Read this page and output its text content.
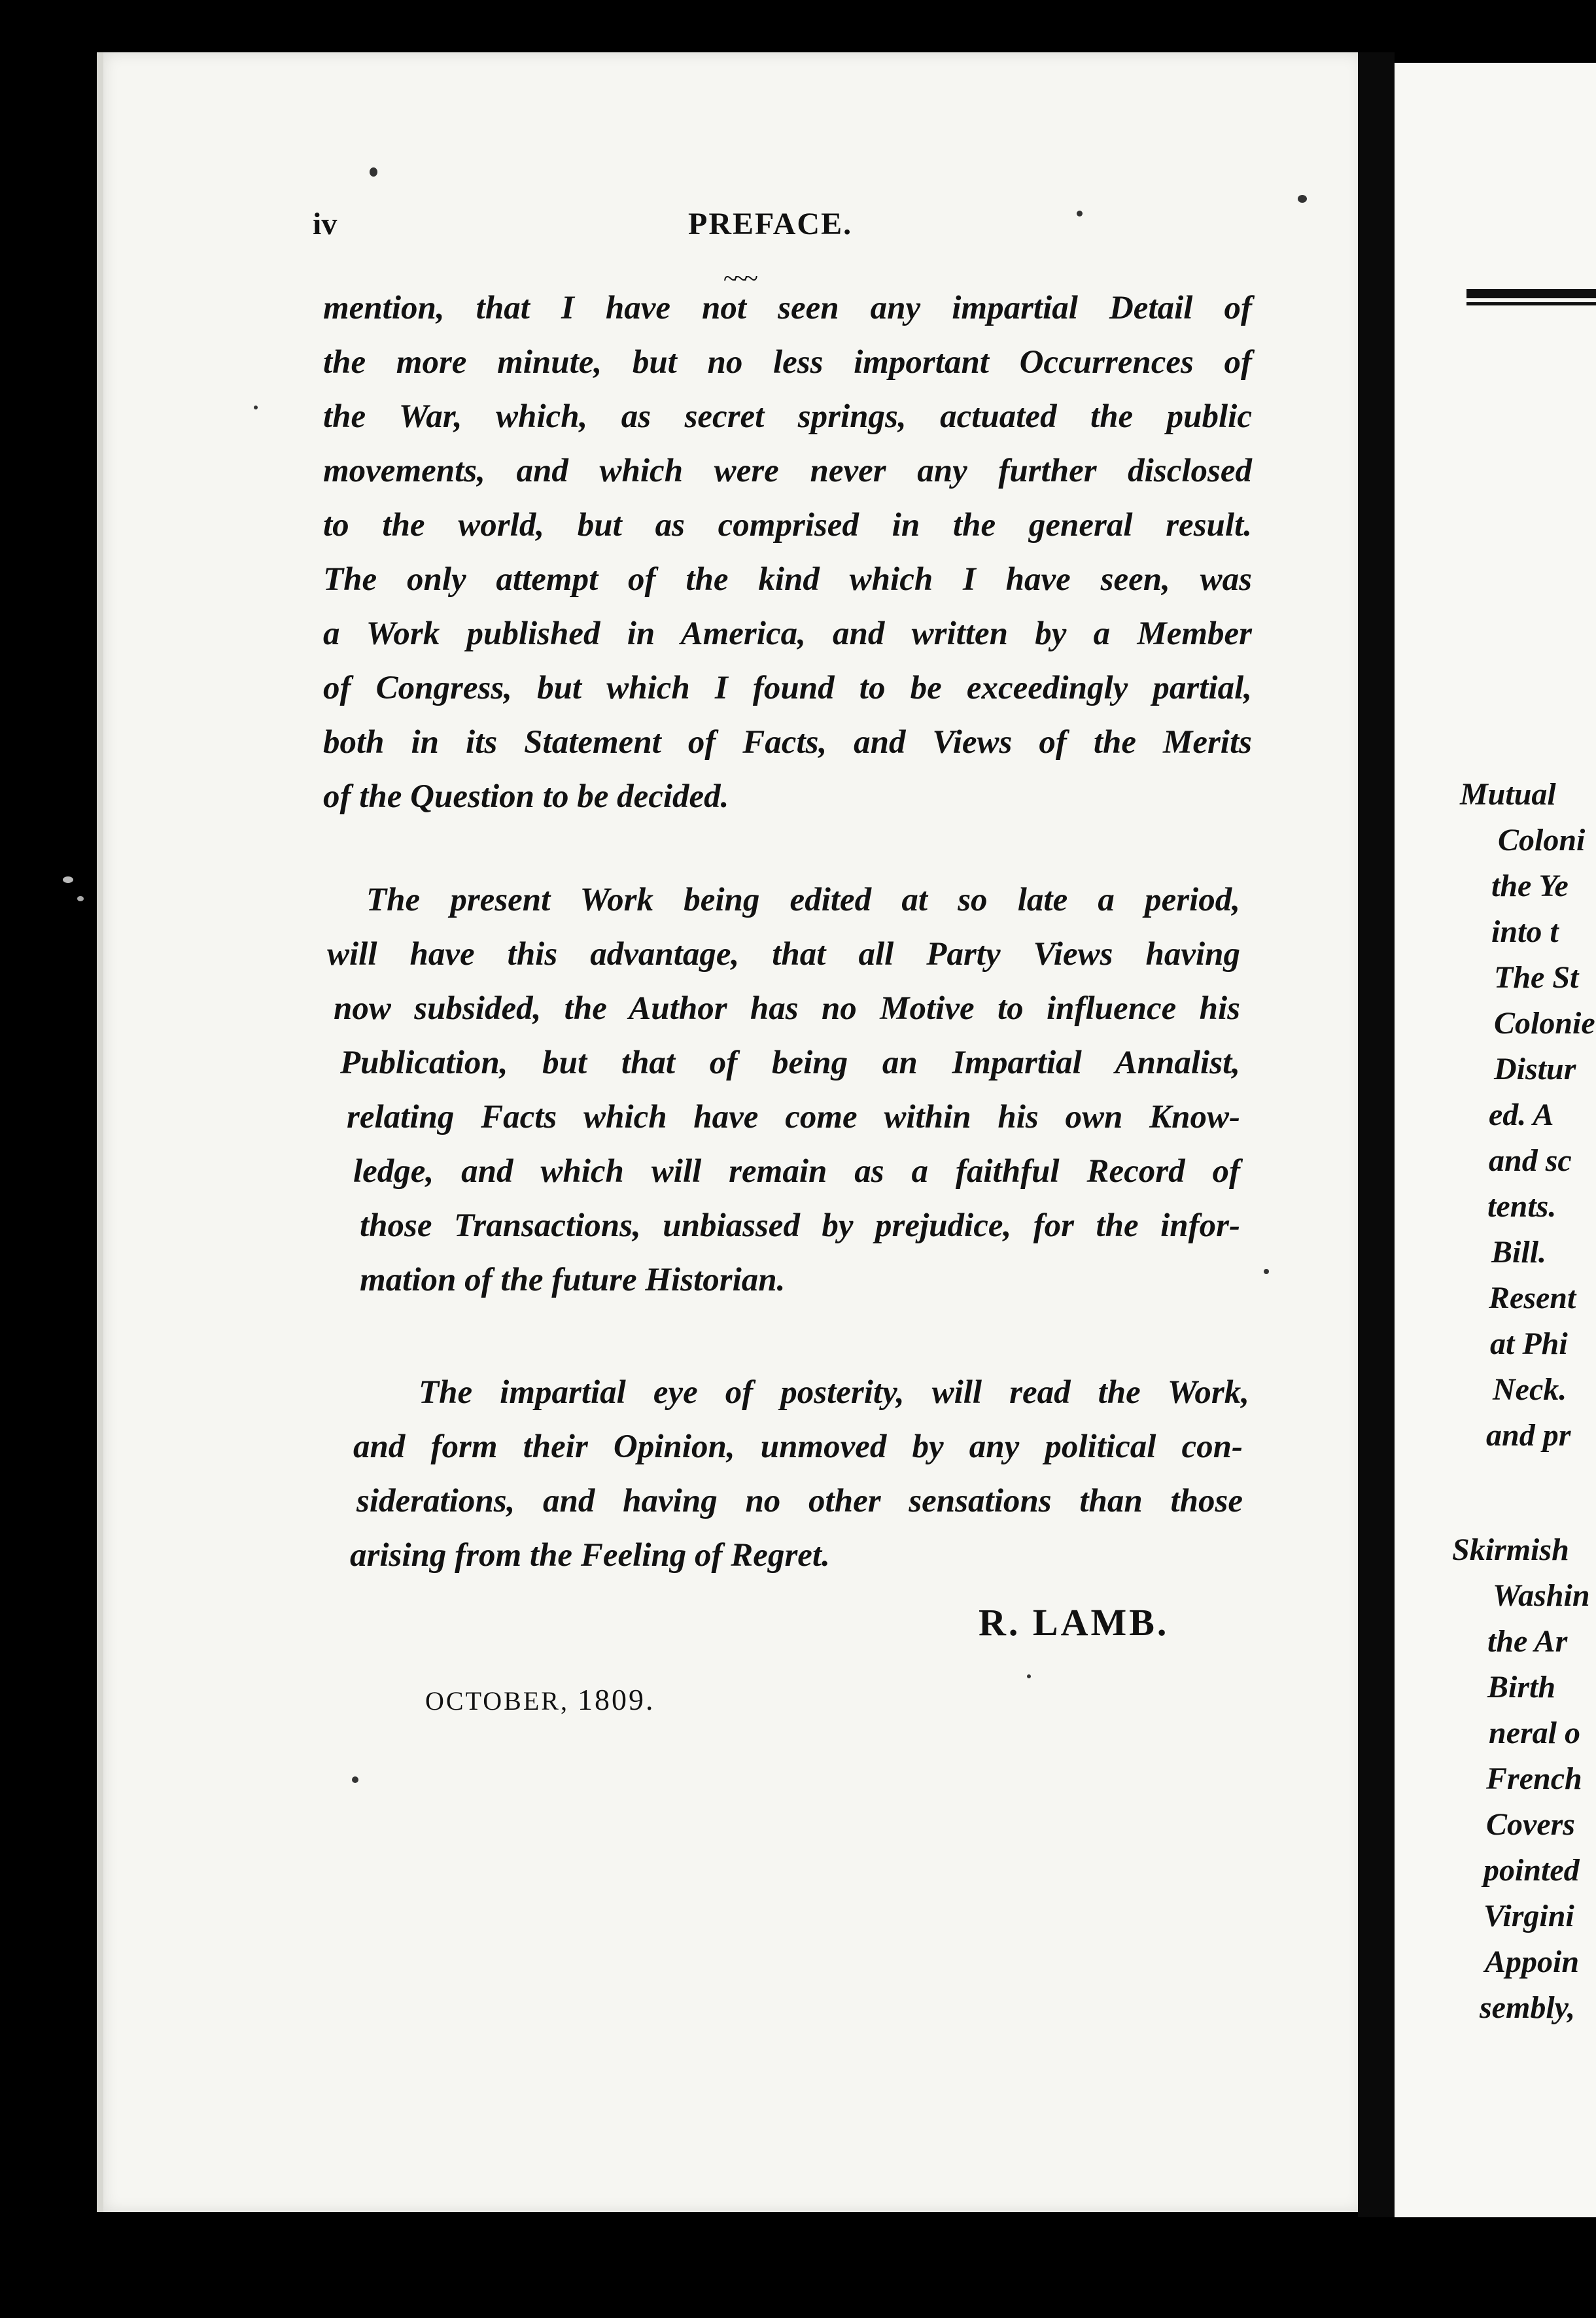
iv	PREFACE.
~~~
mention, that I have not seen any impartial Detail of
the more minute, but no less important Occurrences of
the War, which, as secret springs, actuated the public
movements, and which were never any further disclosed
to the world, but as comprised in the general result.
The only attempt of the kind which I have seen, was
a Work published in America, and written by a Member
of Congress, but which I found to be exceedingly partial,
both in its Statement of Facts, and Views of the Merits
of the Question to be decided.
The present Work being edited at so late a period,
will have this advantage, that all Party Views having
now subsided, the Author has no Motive to influence his
Publication, but that of being an Impartial Annalist,
relating Facts which have come within his own Know-
ledge, and which will remain as a faithful Record of
those Transactions, unbiassed by prejudice, for the infor-
mation of the future Historian.
The impartial eye of posterity, will read the Work,
and form their Opinion, unmoved by any political con-
siderations, and having no other sensations than those
arising from the Feeling of Regret.
R. LAMB.
OCTOBER, 1809.
Mutual
Coloni
the Ye
into t
The St
Colonie
Distur
ed. A
and sc
tents.
Bill.
Resent
at Phi
Neck.
and pr
Skirmish
Washin
the Ar
Birth
neral o
French
Covers
pointed
Virgini
Appoin
sembly,
